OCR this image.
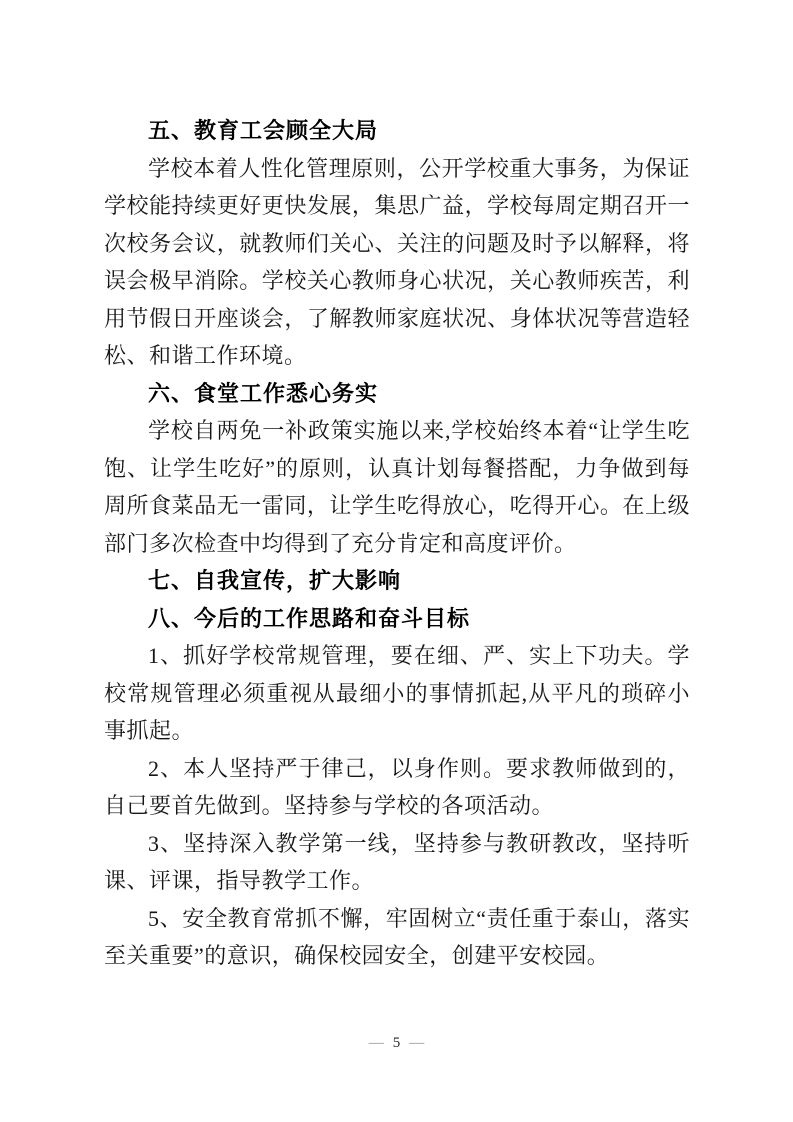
五、教育工会顾全大局

学校本着人性化管理原则，公开学校重大事务，为保证学校能持续更好更快发展，集思广益，学校每周定期召开一次校务会议，就教师们关心、关注的问题及时予以解释，将误会极早消除。学校关心教师身心状况，关心教师疾苦，利用节假日开座谈会，了解教师家庭状况、身体状况等营造轻松、和谐工作环境。

六、食堂工作悉心务实

学校自两免一补政策实施以来,学校始终本着“让学生吃饱、让学生吃好”的原则，认真计划每餐搭配，力争做到每周所食菜品无一雷同，让学生吃得放心，吃得开心。在上级部门多次检查中均得到了充分肯定和高度评价。

七、自我宣传，扩大影响
八、今后的工作思路和奋斗目标

1、抓好学校常规管理，要在细、严、实上下功夫。学校常规管理必须重视从最细小的事情抓起,从平凡的琐碎小事抓起。

2、本人坚持严于律己，以身作则。要求教师做到的，自己要首先做到。坚持参与学校的各项活动。

3、坚持深入教学第一线，坚持参与教研教改，坚持听课、评课，指导教学工作。

5、安全教育常抓不懈，牢固树立“责任重于泰山，落实至关重要”的意识，确保校园安全，创建平安校园。

— 5 —
